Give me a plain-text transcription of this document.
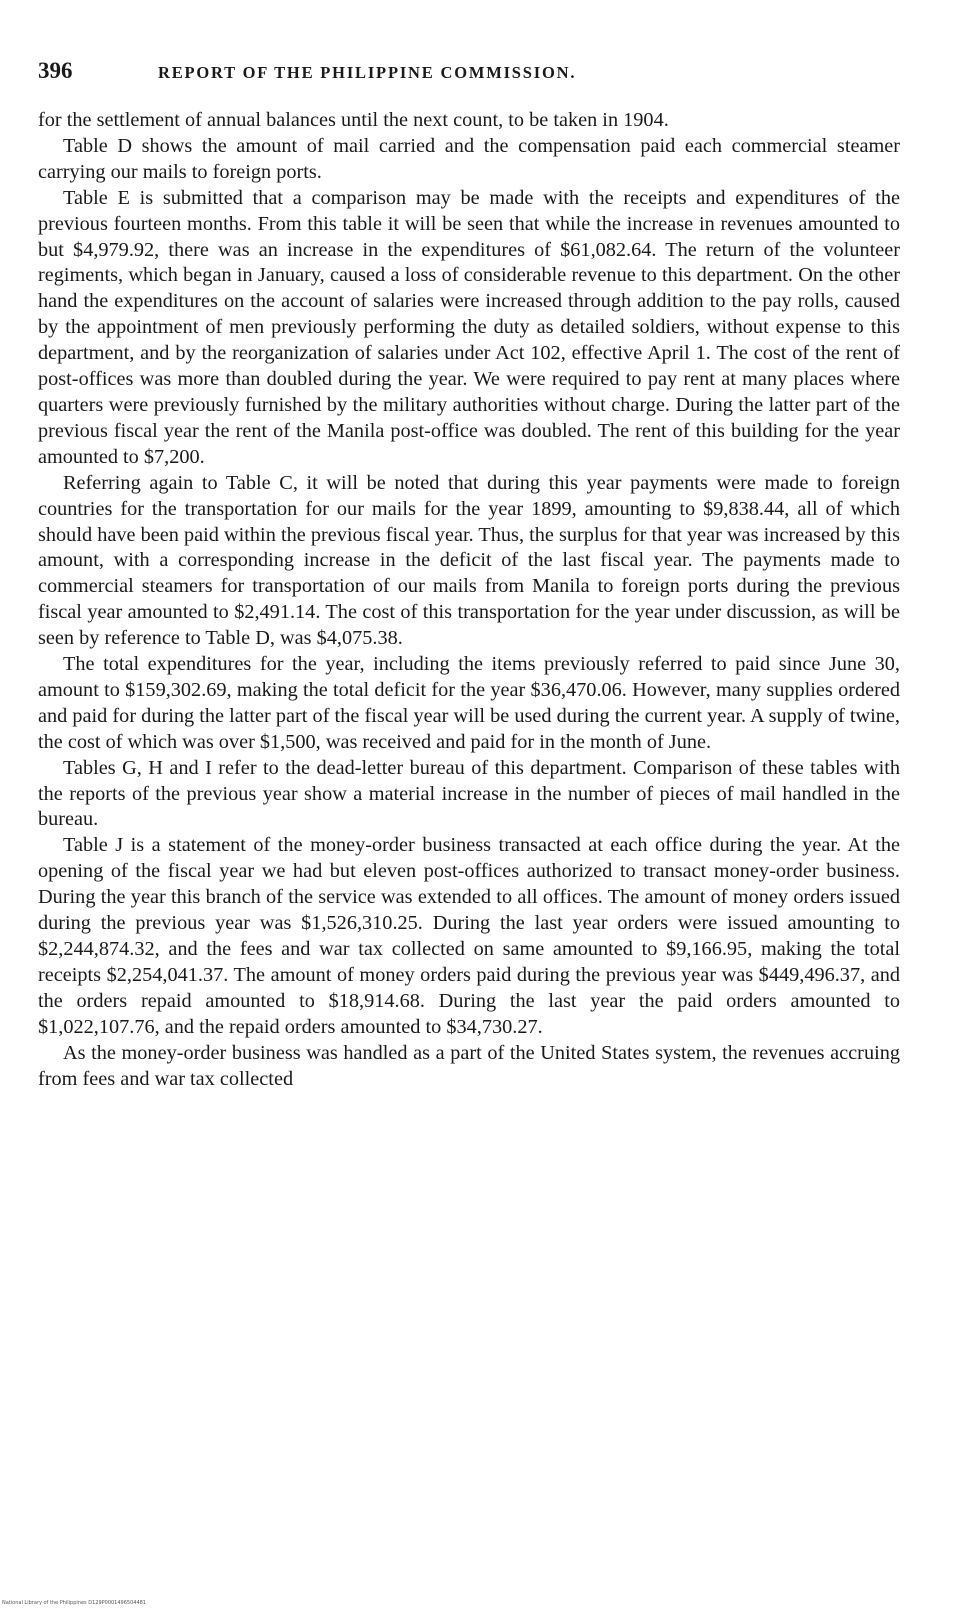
396	REPORT OF THE PHILIPPINE COMMISSION.

for the settlement of annual balances until the next count, to be taken in 1904.

Table D shows the amount of mail carried and the compensation paid each commercial steamer carrying our mails to foreign ports.

Table E is submitted that a comparison may be made with the receipts and expenditures of the previous fourteen months. From this table it will be seen that while the increase in revenues amounted to but $4,979.92, there was an increase in the expenditures of $61,082.64. The return of the volunteer regiments, which began in January, caused a loss of considerable revenue to this department. On the other hand the expenditures on the account of salaries were increased through addition to the pay rolls, caused by the appointment of men previously performing the duty as detailed soldiers, without expense to this department, and by the reorganization of salaries under Act 102, effective April 1. The cost of the rent of post-offices was more than doubled during the year. We were required to pay rent at many places where quarters were previously furnished by the military authorities without charge. During the latter part of the previous fiscal year the rent of the Manila post-office was doubled. The rent of this building for the year amounted to $7,200.

Referring again to Table C, it will be noted that during this year payments were made to foreign countries for the transportation for our mails for the year 1899, amounting to $9,838.44, all of which should have been paid within the previous fiscal year. Thus, the surplus for that year was increased by this amount, with a corresponding increase in the deficit of the last fiscal year. The payments made to commercial steamers for transportation of our mails from Manila to foreign ports during the previous fiscal year amounted to $2,491.14. The cost of this transportation for the year under discussion, as will be seen by reference to Table D, was $4,075.38.

The total expenditures for the year, including the items previously referred to paid since June 30, amount to $159,302.69, making the total deficit for the year $36,470.06. However, many supplies ordered and paid for during the latter part of the fiscal year will be used during the current year. A supply of twine, the cost of which was over $1,500, was received and paid for in the month of June.

Tables G, H and I refer to the dead-letter bureau of this department. Comparison of these tables with the reports of the previous year show a material increase in the number of pieces of mail handled in the bureau.

Table J is a statement of the money-order business transacted at each office during the year. At the opening of the fiscal year we had but eleven post-offices authorized to transact money-order business. During the year this branch of the service was extended to all offices. The amount of money orders issued during the previous year was $1,526,310.25. During the last year orders were issued amounting to $2,244,874.32, and the fees and war tax collected on same amounted to $9,166.95, making the total receipts $2,254,041.37. The amount of money orders paid during the previous year was $449,496.37, and the orders repaid amounted to $18,914.68. During the last year the paid orders amounted to $1,022,107.76, and the repaid orders amounted to $34,730.27.

As the money-order business was handled as a part of the United States system, the revenues accruing from fees and war tax collected

National Library of the Philippines D129P0001496504481
